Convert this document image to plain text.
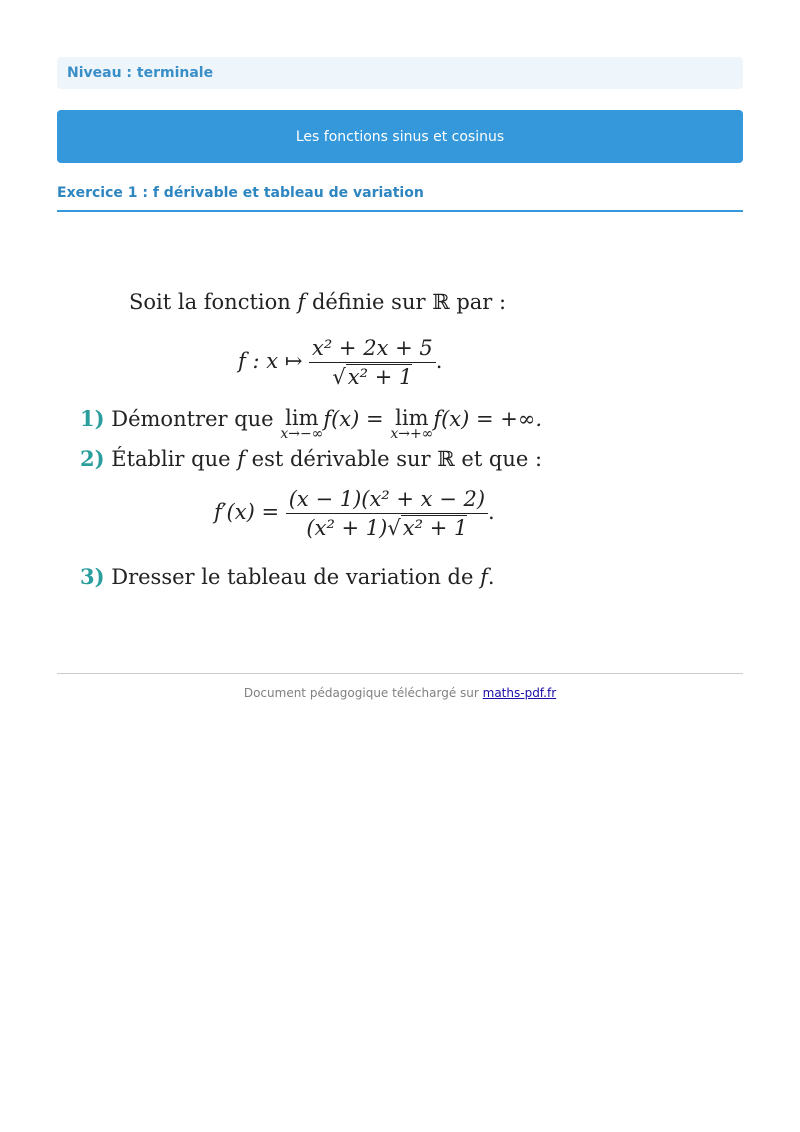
Niveau : terminale
Les fonctions sinus et cosinus
Exercice 1 : f dérivable et tableau de variation
Soit la fonction f définie sur ℝ par :
f : x ↦ $\frac{\text{x² + 2x + 5}}{\text{√x² + 1}}$ .
1) Démontrer que lim
x→−∞
f(x) = lim
x→+∞
f(x) = +∞.
2) Établir que f est dérivable sur ℝ et que :
$f'(x) = \frac{\text{(x − 1)(x² + x − 2)}}{\text{(x² + 1)√x² + 1}}$ .
3) Dresser le tableau de variation de f.
Document pédagogique téléchargé sur maths-pdf.fr
